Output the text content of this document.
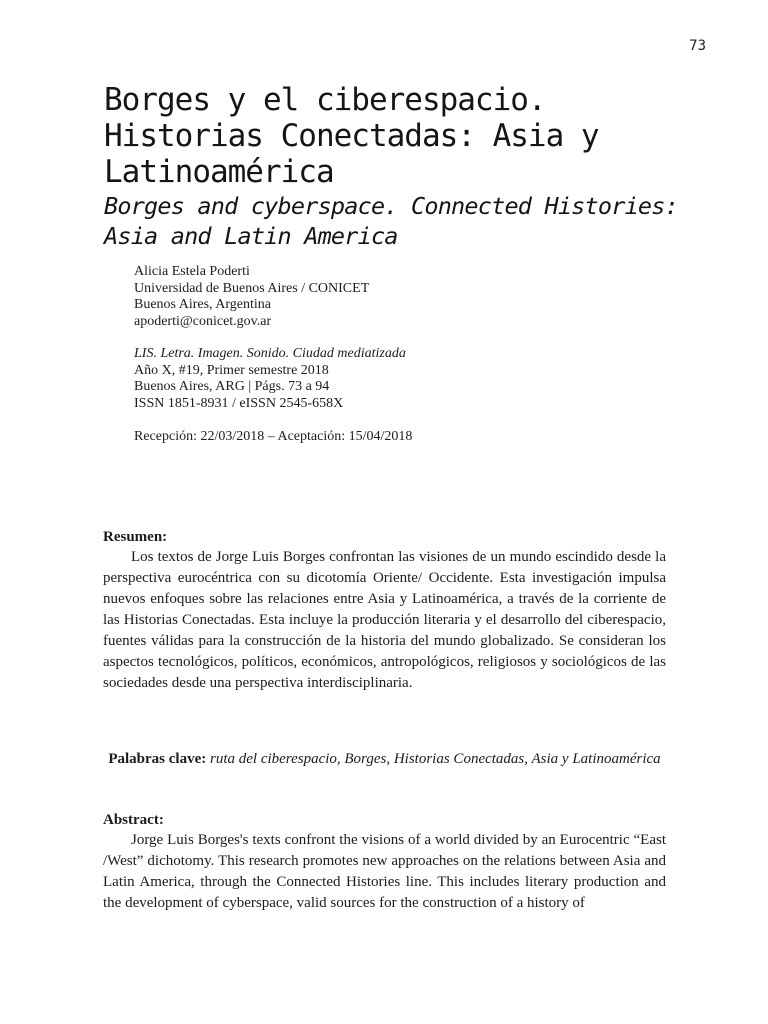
73
Borges y el ciberespacio. Historias Conectadas: Asia y Latinoamérica
Borges and cyberspace. Connected Histories: Asia and Latin America
Alicia Estela Poderti
Universidad de Buenos Aires / CONICET
Buenos Aires, Argentina
apoderti@conicet.gov.ar
LIS. Letra. Imagen. Sonido. Ciudad mediatizada
Año X, #19, Primer semestre 2018
Buenos Aires, ARG | Págs. 73 a 94
ISSN 1851-8931 / eISSN 2545-658X
Recepción: 22/03/2018 – Aceptación: 15/04/2018
Resumen:

Los textos de Jorge Luis Borges confrontan las visiones de un mundo escindido desde la perspectiva eurocéntrica con su dicotomía Oriente/ Occidente. Esta investigación impulsa nuevos enfoques sobre las relaciones entre Asia y Latinoamérica, a través de la corriente de las Historias Conectadas. Esta incluye la producción literaria y el desarrollo del ciberespacio, fuentes válidas para la construcción de la historia del mundo globalizado. Se consideran los aspectos tecnológicos, políticos, económicos, antropológicos, religiosos y sociológicos de las sociedades desde una perspectiva interdisciplinaria.

Palabras clave: ruta del ciberespacio, Borges, Historias Conectadas, Asia y Latinoamérica
Abstract:

Jorge Luis Borges's texts confront the visions of a world divided by an Eurocentric “East /West” dichotomy. This research promotes new approaches on the relations between Asia and Latin America, through the Connected Histories line. This includes literary production and the development of cyberspace, valid sources for the construction of a history of
